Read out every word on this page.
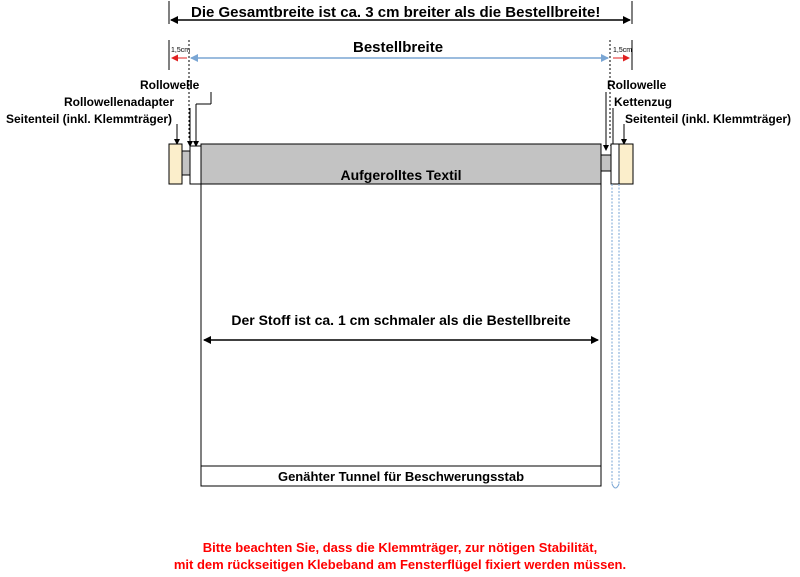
Die Gesamtbreite ist ca. 3 cm breiter als die Bestellbreite!
Bestellbreite
1,5cm	1,5cm
Rollowelle
Rollowellenadapter
Seitenteil (inkl. Klemmträger)
Rollowelle
Kettenzug
Seitenteil (inkl. Klemmträger)
Aufgerolltes Textil
Der Stoff ist ca. 1 cm schmaler als die Bestellbreite
Genähter Tunnel für Beschwerungsstab
Bitte beachten Sie, dass die Klemmträger, zur nötigen Stabilität,
mit dem rückseitigen Klebeband am Fensterflügel fixiert werden müssen.
